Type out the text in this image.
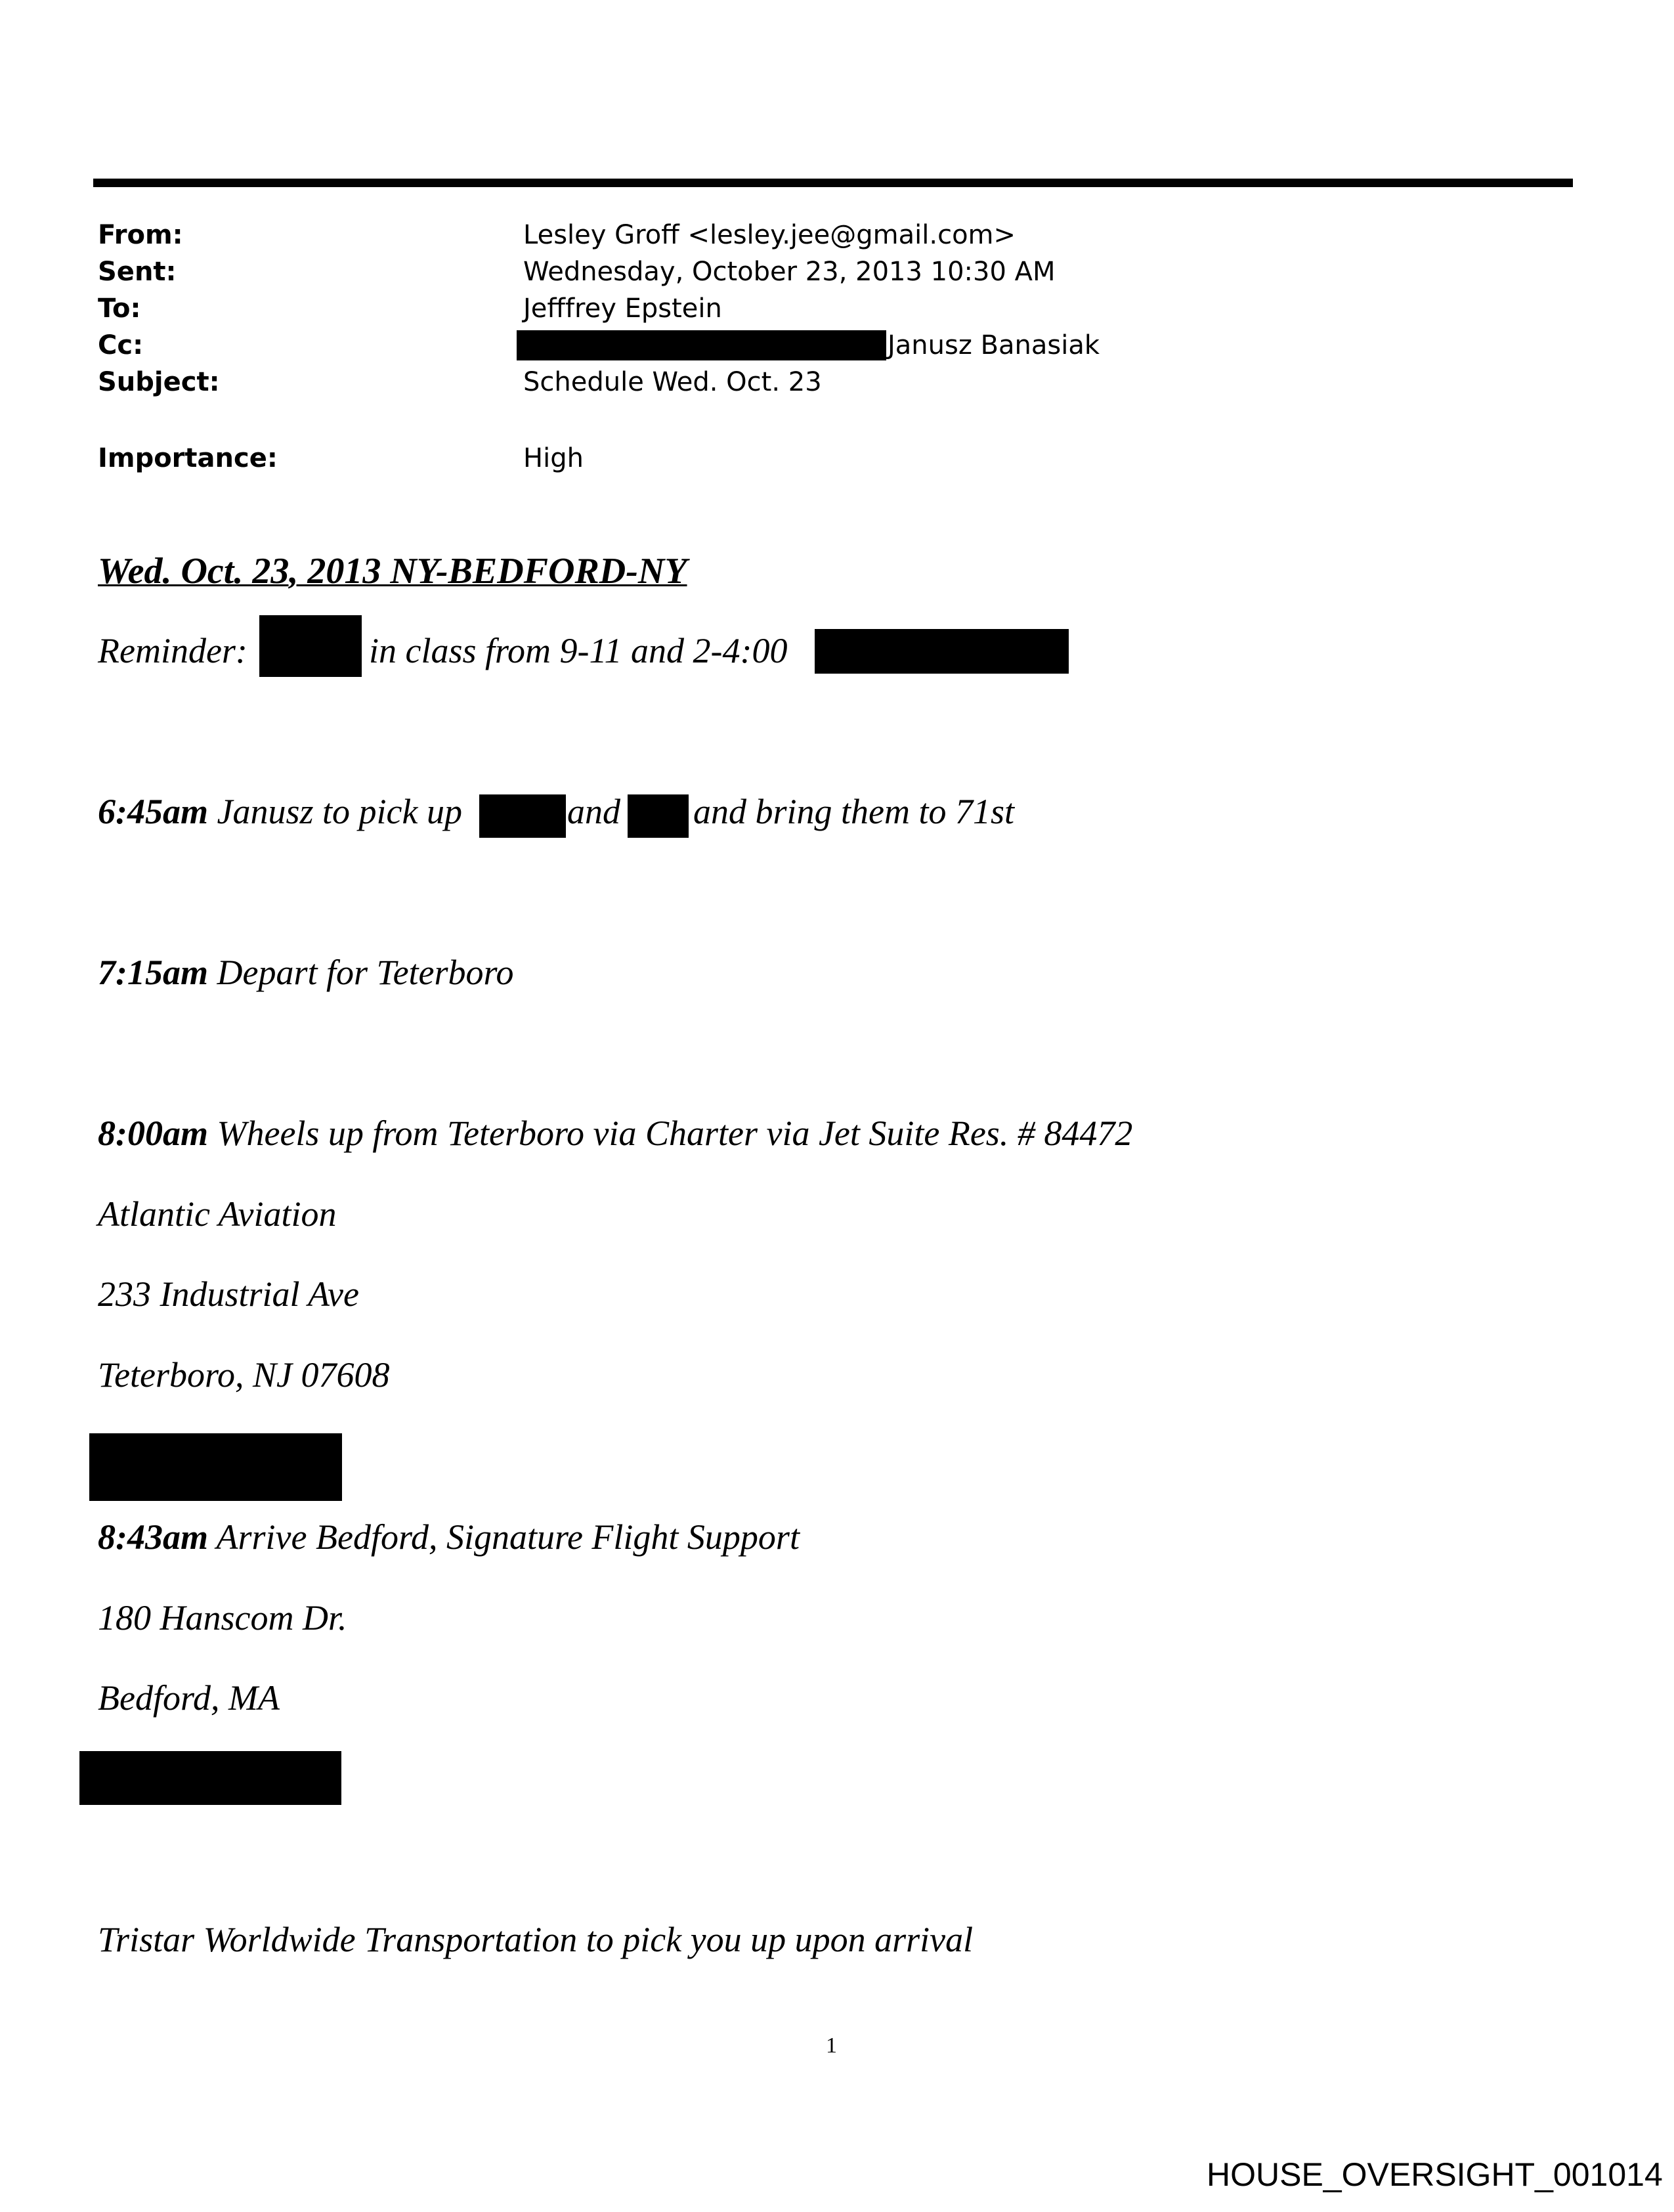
From:	Lesley Groff <lesley.jee@gmail.com>
Sent:	Wednesday, October 23, 2013 10:30 AM
To:	Jefffrey Epstein
Cc:	Janusz Banasiak
Subject:	Schedule Wed. Oct. 23
Importance:	High
Wed. Oct. 23, 2013 NY-BEDFORD-NY
Reminder:	in class from 9-11 and 2-4:00
6:45am Janusz to pick up	and and bring them to 71st
7:15am Depart for Teterboro
8:00am Wheels up from Teterboro via Charter via Jet Suite Res. # 84472
Atlantic Aviation
233 Industrial Ave
Teterboro, NJ 07608
8:43am Arrive Bedford, Signature Flight Support
180 Hanscom Dr.
Bedford, MA
Tristar Worldwide Transportation to pick you up upon arrival
1
HOUSE_OVERSIGHT_001014
